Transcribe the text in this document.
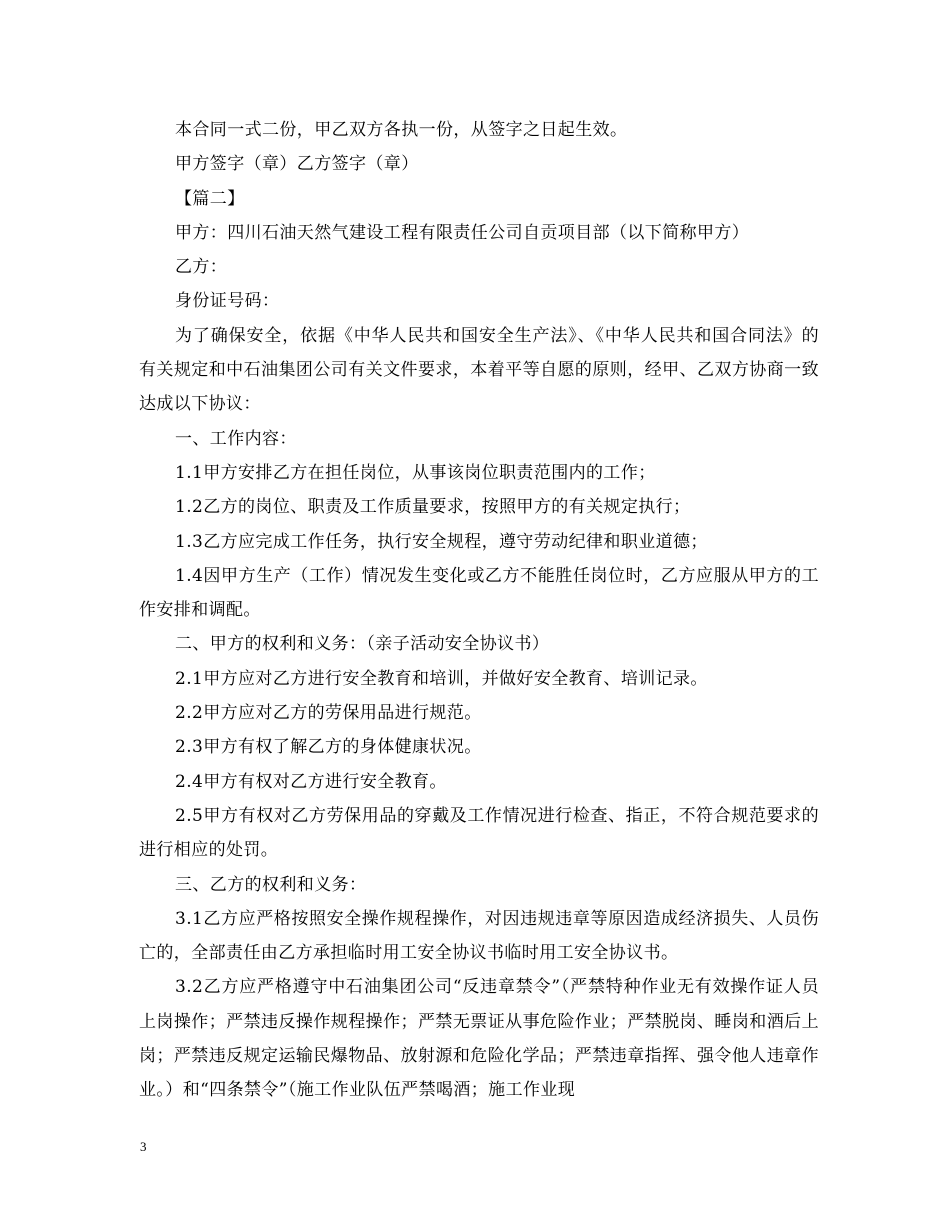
本合同一式二份，甲乙双方各执一份，从签字之日起生效。

甲方签字（章）乙方签字（章）

【篇二】

甲方：四川石油天然气建设工程有限责任公司自贡项目部（以下简称甲方）

乙方：

身份证号码：

为了确保安全，依据《中华人民共和国安全生产法》、《中华人民共和国合同法》的有关规定和中石油集团公司有关文件要求，本着平等自愿的原则，经甲、乙双方协商一致达成以下协议：

一、工作内容：

1.1甲方安排乙方在担任岗位，从事该岗位职责范围内的工作；

1.2乙方的岗位、职责及工作质量要求，按照甲方的有关规定执行；

1.3乙方应完成工作任务，执行安全规程，遵守劳动纪律和职业道德；

1.4因甲方生产（工作）情况发生变化或乙方不能胜任岗位时，乙方应服从甲方的工作安排和调配。

二、甲方的权利和义务：（亲子活动安全协议书）

2.1甲方应对乙方进行安全教育和培训，并做好安全教育、培训记录。

2.2甲方应对乙方的劳保用品进行规范。

2.3甲方有权了解乙方的身体健康状况。

2.4甲方有权对乙方进行安全教育。

2.5甲方有权对乙方劳保用品的穿戴及工作情况进行检查、指正，不符合规范要求的进行相应的处罚。

三、乙方的权利和义务：

3.1乙方应严格按照安全操作规程操作，对因违规违章等原因造成经济损失、人员伤亡的，全部责任由乙方承担临时用工安全协议书临时用工安全协议书。

3.2乙方应严格遵守中石油集团公司“反违章禁令”（严禁特种作业无有效操作证人员上岗操作；严禁违反操作规程操作；严禁无票证从事危险作业；严禁脱岗、睡岗和酒后上岗；严禁违反规定运输民爆物品、放射源和危险化学品；严禁违章指挥、强令他人违章作业。）和“四条禁令”（施工作业队伍严禁喝酒；施工作业现

3
